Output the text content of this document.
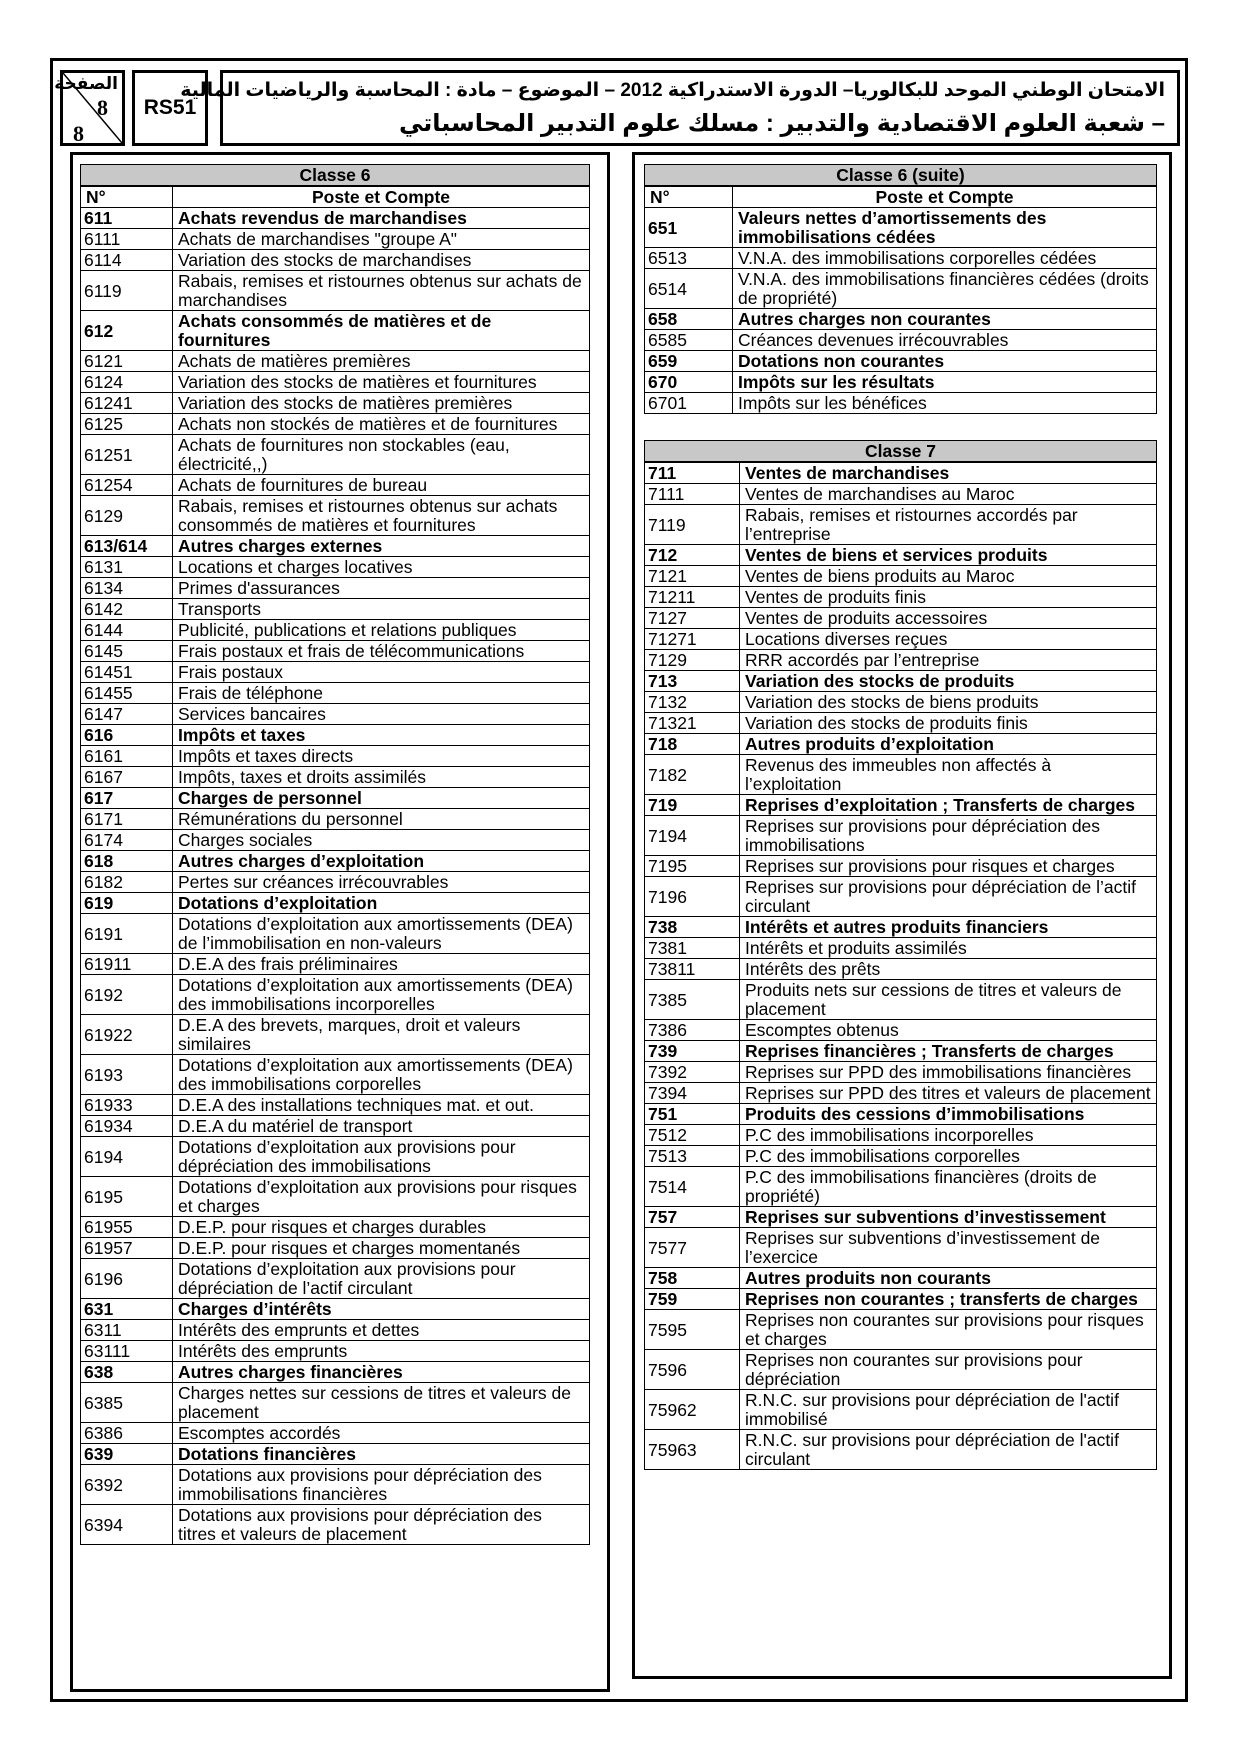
الصفحة
8
8
RS51
الامتحان الوطني الموحد للبكالوريا– الدورة الاستدراكية 2012 – الموضوع – مادة : المحاسبة والرياضيات المالية
– شعبة العلوم الاقتصادية والتدبير : مسلك علوم التدبير المحاسباتي
Classe 6	
N°	Poste et Compte
611	Achats revendus de marchandises
6111	Achats de marchandises "groupe A"
6114	Variation des stocks de marchandises
6119	Rabais, remises et ristournes obtenus sur achats de marchandises
612	Achats consommés de matières et de fournitures
6121	Achats de matières premières
6124	Variation des stocks de matières et fournitures
61241	Variation des stocks de matières premières
6125	Achats non stockés de matières et de fournitures
61251	Achats de fournitures non stockables (eau, électricité,,)
61254	Achats de fournitures de bureau
6129	Rabais, remises et ristournes obtenus sur achats consommés de matières et fournitures
613/614	Autres charges externes
6131	Locations et charges locatives
6134	Primes d'assurances
6142	Transports
6144	Publicité, publications et relations publiques
6145	Frais postaux et frais de télécommunications
61451	Frais postaux
61455	Frais de téléphone
6147	Services bancaires
616	Impôts et taxes
6161	Impôts et taxes directs
6167	Impôts, taxes et droits assimilés
617	Charges de personnel
6171	Rémunérations du personnel
6174	Charges sociales
618	Autres charges d’exploitation
6182	Pertes sur créances irrécouvrables
619	Dotations d’exploitation
6191	Dotations d’exploitation aux amortissements (DEA) de l’immobilisation en non-valeurs
61911	D.E.A des frais préliminaires
6192	Dotations d’exploitation aux amortissements (DEA) des immobilisations incorporelles
61922	D.E.A des brevets, marques, droit et valeurs similaires
6193	Dotations d’exploitation aux amortissements (DEA) des immobilisations corporelles
61933	D.E.A des installations techniques mat. et out.
61934	D.E.A du matériel de transport
6194	Dotations d’exploitation aux provisions pour dépréciation des immobilisations
6195	Dotations d’exploitation aux provisions pour risques et charges
61955	D.E.P. pour risques et charges durables
61957	D.E.P. pour risques et charges momentanés
6196	Dotations d’exploitation aux provisions pour dépréciation de l’actif circulant
631	Charges d’intérêts
6311	Intérêts des emprunts et dettes
63111	Intérêts des emprunts
638	Autres charges financières
6385	Charges nettes sur cessions de titres et valeurs de placement
6386	Escomptes accordés
639	Dotations financières
6392	Dotations aux provisions pour dépréciation des immobilisations financières
6394	Dotations aux provisions pour dépréciation des titres et valeurs de placement
Classe 6 (suite)	
N°	Poste et Compte
651	Valeurs nettes d’amortissements des immobilisations cédées
6513	V.N.A. des immobilisations corporelles cédées
6514	V.N.A. des immobilisations financières cédées (droits de propriété)
658	Autres charges non courantes
6585	Créances devenues irrécouvrables
659	Dotations non courantes
670	Impôts sur les résultats
6701	Impôts sur les bénéfices
Classe 7	
711	Ventes de marchandises
7111	Ventes de marchandises au Maroc
7119	Rabais, remises et ristournes accordés par l’entreprise
712	Ventes de biens et services produits
7121	Ventes de biens produits au Maroc
71211	Ventes de produits finis
7127	Ventes de produits accessoires
71271	Locations diverses reçues
7129	RRR accordés par l’entreprise
713	Variation des stocks de produits
7132	Variation des stocks de biens produits
71321	Variation des stocks de produits finis
718	Autres produits d’exploitation
7182	Revenus des immeubles non affectés à l’exploitation
719	Reprises d’exploitation ; Transferts de charges
7194	Reprises sur provisions pour dépréciation des immobilisations
7195	Reprises sur provisions pour risques et charges
7196	Reprises sur provisions pour dépréciation de l’actif circulant
738	Intérêts et autres produits financiers
7381	Intérêts et produits assimilés
73811	Intérêts des prêts
7385	Produits nets sur cessions de titres et valeurs de placement
7386	Escomptes obtenus
739	Reprises financières ; Transferts de charges
7392	Reprises sur PPD des immobilisations financières
7394	Reprises sur PPD des titres et valeurs de placement
751	Produits des cessions d’immobilisations
7512	P.C des immobilisations incorporelles
7513	P.C des immobilisations corporelles
7514	P.C des immobilisations financières (droits de propriété)
757	Reprises sur subventions d’investissement
7577	Reprises sur subventions d’investissement de l’exercice
758	Autres produits non courants
759	Reprises non courantes ; transferts de charges
7595	Reprises non courantes sur provisions pour risques et charges
7596	Reprises non courantes sur provisions pour dépréciation
75962	R.N.C. sur provisions pour dépréciation de l'actif immobilisé
75963	R.N.C. sur provisions pour dépréciation de l'actif circulant
